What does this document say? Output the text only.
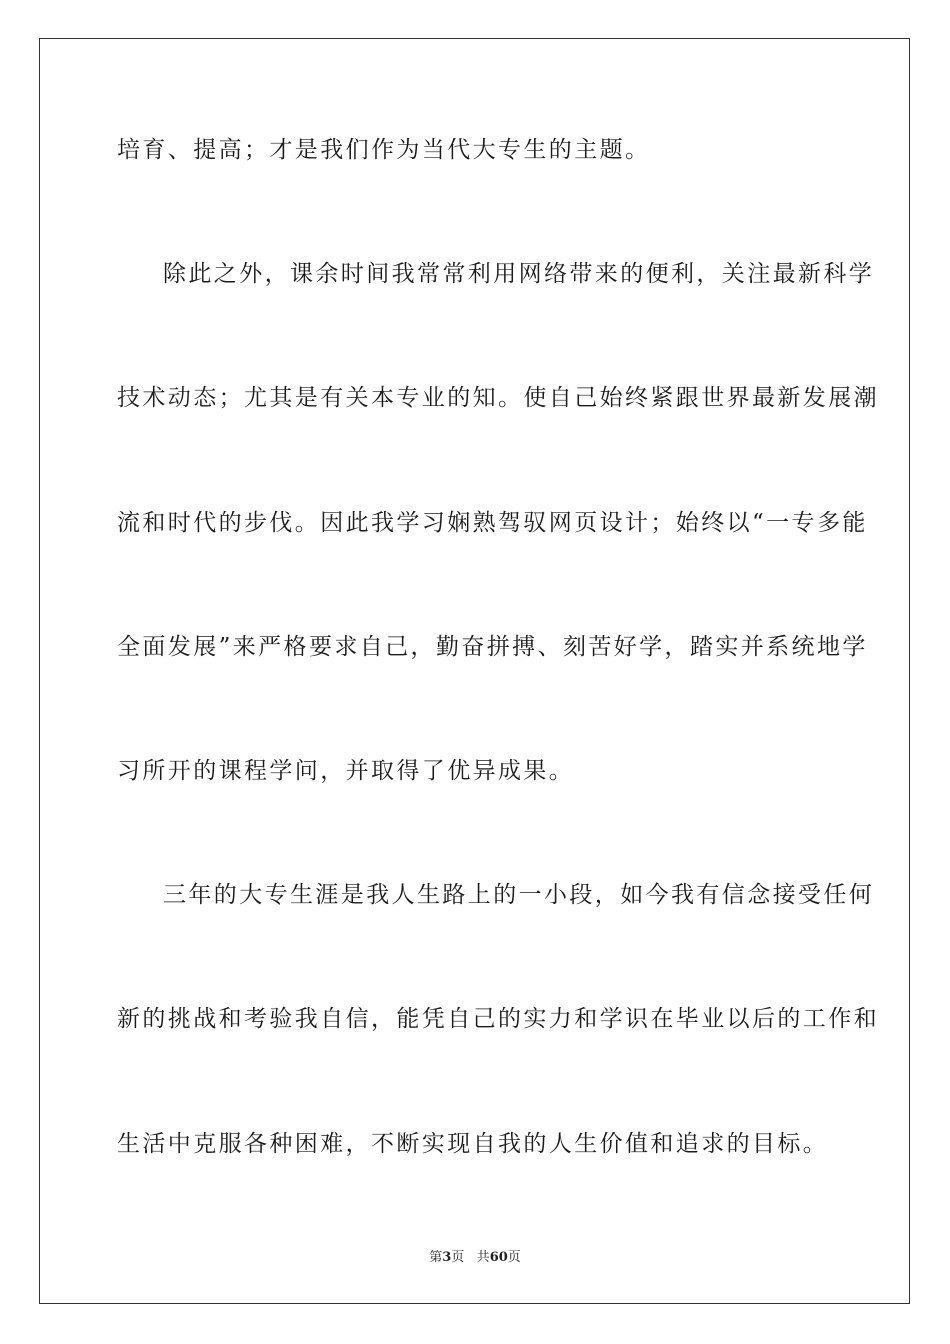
培育、提高；才是我们作为当代大专生的主题。
除此之外，课余时间我常常利用网络带来的便利，关注最新科学
技术动态；尤其是有关本专业的知。使自己始终紧跟世界最新发展潮
流和时代的步伐。因此我学习娴熟驾驭网页设计；始终以“一专多能
全面发展”来严格要求自己，勤奋拼搏、刻苦好学，踏实并系统地学
习所开的课程学问，并取得了优异成果。
三年的大专生涯是我人生路上的一小段，如今我有信念接受任何
新的挑战和考验我自信，能凭自己的实力和学识在毕业以后的工作和
生活中克服各种困难，不断实现自我的人生价值和追求的目标。
第3页 共60页
